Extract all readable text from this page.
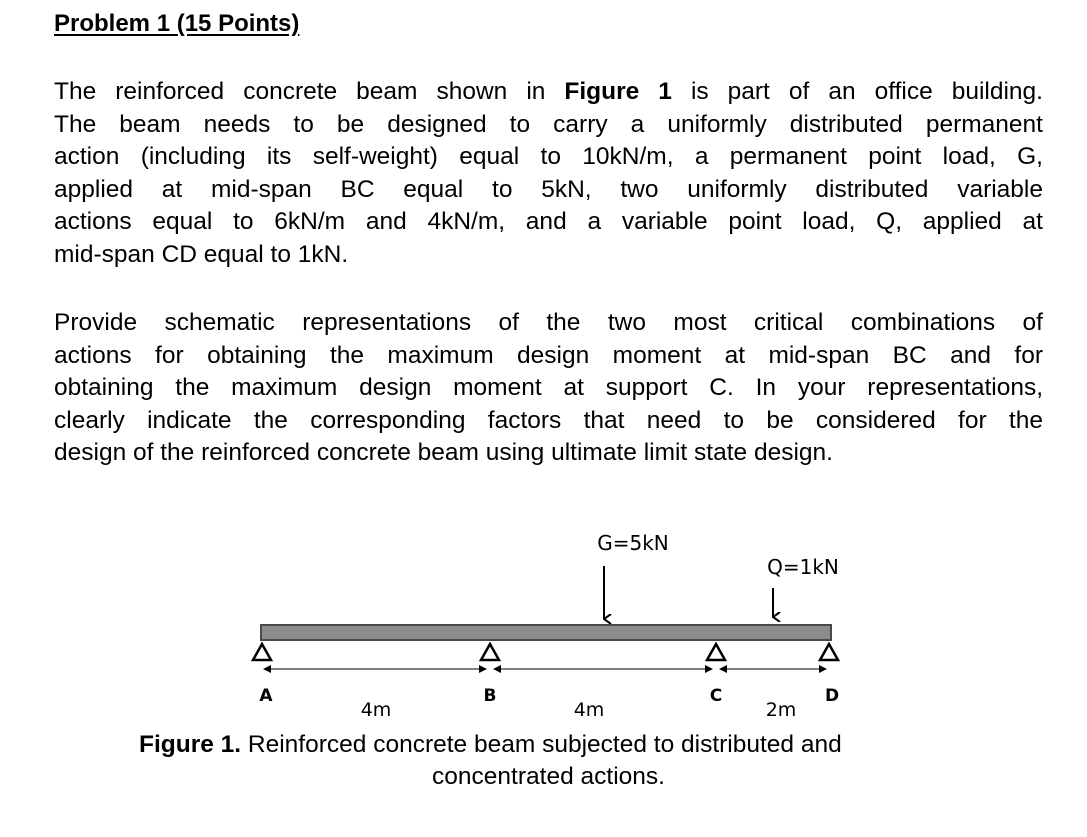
Problem 1 (15 Points)
The reinforced concrete beam shown in Figure 1 is part of an office building.
The beam needs to be designed to carry a uniformly distributed permanent
action (including its self-weight) equal to 10kN/m, a permanent point load, G,
applied at mid-span BC equal to 5kN, two uniformly distributed variable
actions equal to 6kN/m and 4kN/m, and a variable point load, Q, applied at
mid-span CD equal to 1kN.
Provide schematic representations of the two most critical combinations of
actions for obtaining the maximum design moment at mid-span BC and for
obtaining the maximum design moment at support C. In your representations,
clearly indicate the corresponding factors that need to be considered for the
design of the reinforced concrete beam using ultimate limit state design.
G=5kN
Q=1kN
A	B	C	D
4m	4m	2m
Figure 1. Reinforced concrete beam subjected to distributed and
concentrated actions.
